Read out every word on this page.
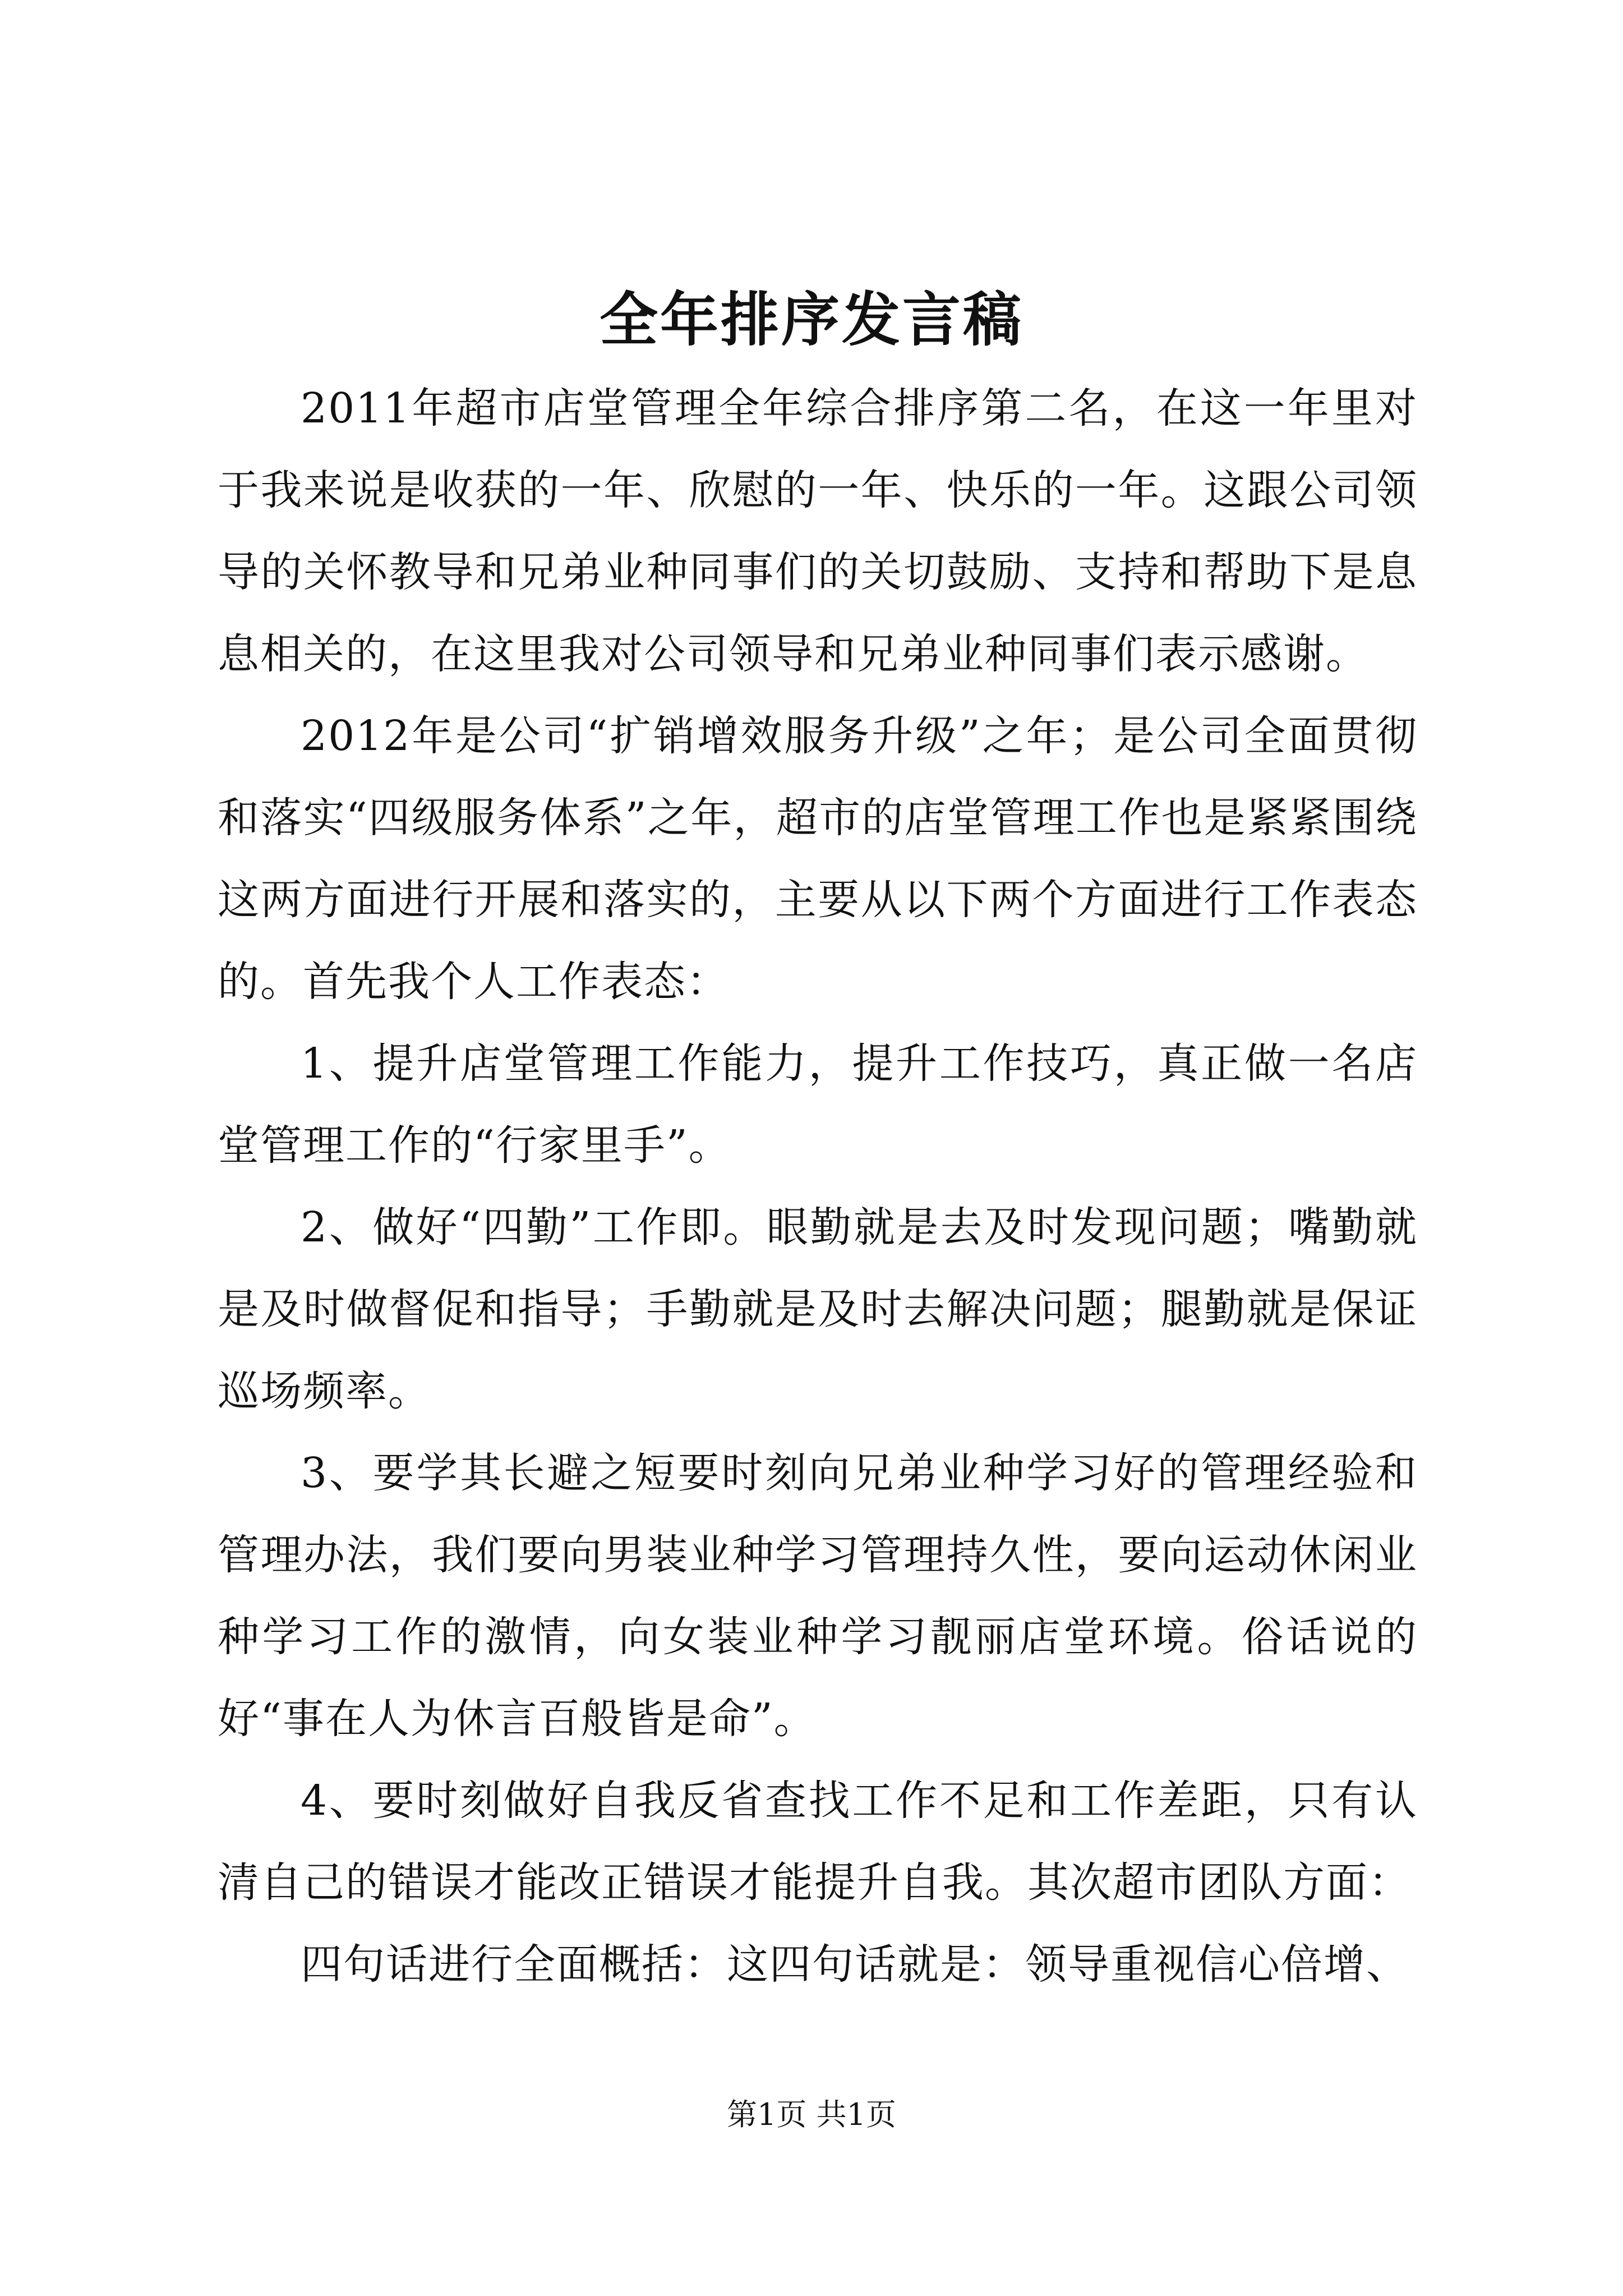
全年排序发言稿

2011年超市店堂管理全年综合排序第二名，在这一年里对于我来说是收获的一年、欣慰的一年、快乐的一年。这跟公司领导的关怀教导和兄弟业种同事们的关切鼓励、支持和帮助下是息息相关的，在这里我对公司领导和兄弟业种同事们表示感谢。

2012年是公司“扩销增效服务升级”之年；是公司全面贯彻和落实“四级服务体系”之年，超市的店堂管理工作也是紧紧围绕这两方面进行开展和落实的，主要从以下两个方面进行工作表态的。首先我个人工作表态：

1、提升店堂管理工作能力，提升工作技巧，真正做一名店堂管理工作的“行家里手”。

2、做好“四勤”工作即。眼勤就是去及时发现问题；嘴勤就是及时做督促和指导；手勤就是及时去解决问题；腿勤就是保证巡场频率。

3、要学其长避之短要时刻向兄弟业种学习好的管理经验和管理办法，我们要向男装业种学习管理持久性，要向运动休闲业种学习工作的激情，向女装业种学习靓丽店堂环境。俗话说的好“事在人为休言百般皆是命”。

4、要时刻做好自我反省查找工作不足和工作差距，只有认清自己的错误才能改正错误才能提升自我。其次超市团队方面：

四句话进行全面概括：这四句话就是：领导重视信心倍增、

第1页 共1页
